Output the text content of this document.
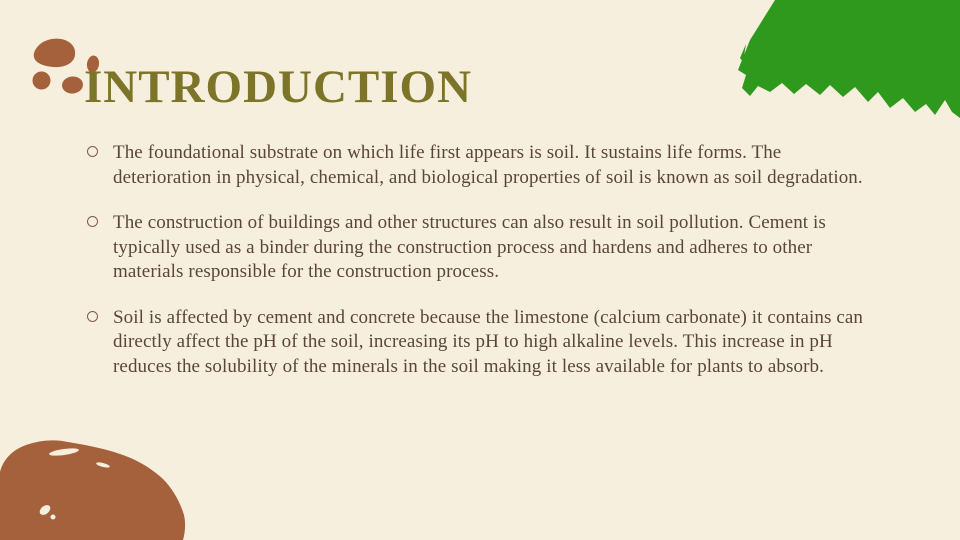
INTRODUCTION
The foundational substrate on which life first appears is soil. It sustains life forms. The deterioration in physical, chemical, and biological properties of soil is known as soil degradation.
The construction of buildings and other structures can also result in soil pollution. Cement is typically used as a binder during the construction process and hardens and adheres to other materials responsible for the construction process.
Soil is affected by cement and concrete because the limestone (calcium carbonate) it contains can directly affect the pH of the soil, increasing its pH to high alkaline levels. This increase in pH reduces the solubility of the minerals in the soil making it less available for plants to absorb.
